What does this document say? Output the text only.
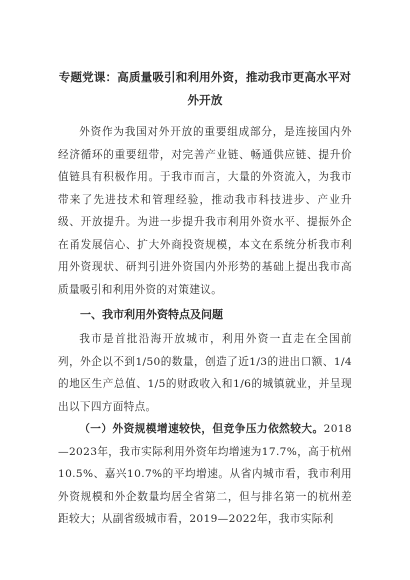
专题党课：高质量吸引和利用外资，推动我市更高水平对外开放

外资作为我国对外开放的重要组成部分，是连接国内外经济循环的重要纽带，对完善产业链、畅通供应链、提升价值链具有积极作用。于我市而言，大量的外资流入，为我市带来了先进技术和管理经验，推动我市科技进步、产业升级、开放提升。为进一步提升我市利用外资水平、提振外企在甬发展信心、扩大外商投资规模，本文在系统分析我市利用外资现状、研判引进外资国内外形势的基础上提出我市高质量吸引和利用外资的对策建议。

一、我市利用外资特点及问题

我市是首批沿海开放城市，利用外资一直走在全国前列，外企以不到1/50的数量，创造了近1/3的进出口额、1/4的地区生产总值、1/5的财政收入和1/6的城镇就业，并呈现出以下四方面特点。

（一）外资规模增速较快，但竞争压力依然较大。2018—2023年，我市实际利用外资年均增速为17.7%，高于杭州10.5%、嘉兴10.7%的平均增速。从省内城市看，我市利用外资规模和外企数量均居全省第二，但与排名第一的杭州差距较大；从副省级城市看，2019—2022年，我市实际利
